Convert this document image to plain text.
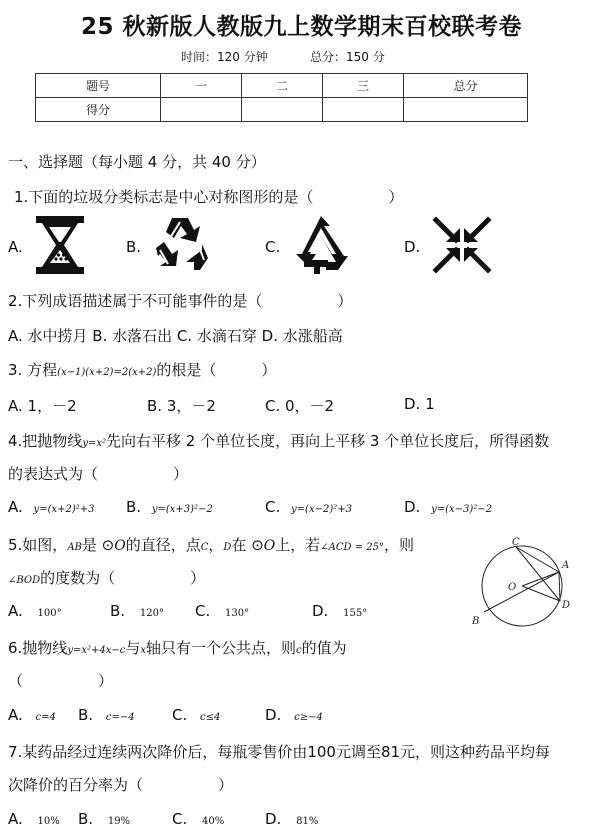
25 秋新版人教版九上数学期末百校联考卷
时间：120 分钟	总分：150 分
题号	一	二	三	总分
得分				
一、选择题（每小题 4 分，共 40 分）
1.下面的垃圾分类标志是中心对称图形的是（　　　　　）
A.	B.	C.	D.
2.下列成语描述属于不可能事件的是（　　　　　）
A. 水中捞月 B. 水落石出 C. 水滴石穿 D. 水涨船高
3. 方程(x−1)(x+2)=2(x+2)的根是（　　　）
A. 1，－2	B. 3，－2	C. 0，－2	D. 1
4.把抛物线y=x²先向右平移 2 个单位长度，再向上平移 3 个单位长度后，所得函数
的表达式为（　　　　　）
A. y=(x+2)²+3 B. y=(x+3)²−2	C. y=(x−2)²+3	D. y=(x−3)²−2
5.如图，AB是 ⊙O的直径，点C，D在 ⊙O上，若∠ACD = 25°，则
∠BOD的度数为（　　　　　）
A. 100°	B. 120° C. 130°	D. 155°
C
A
O
D
B
6.抛物线y=x²+4x−c与x轴只有一个公共点，则c的值为
（　　　　　）
A. c=4 B. c=−4 C. c≤4	D. c≥−4
7.某药品经过连续两次降价后，每瓶零售价由100元调至81元，则这种药品平均每
次降价的百分率为（　　　　　）
A. 10% B. 19%	C. 40%	D. 81%
